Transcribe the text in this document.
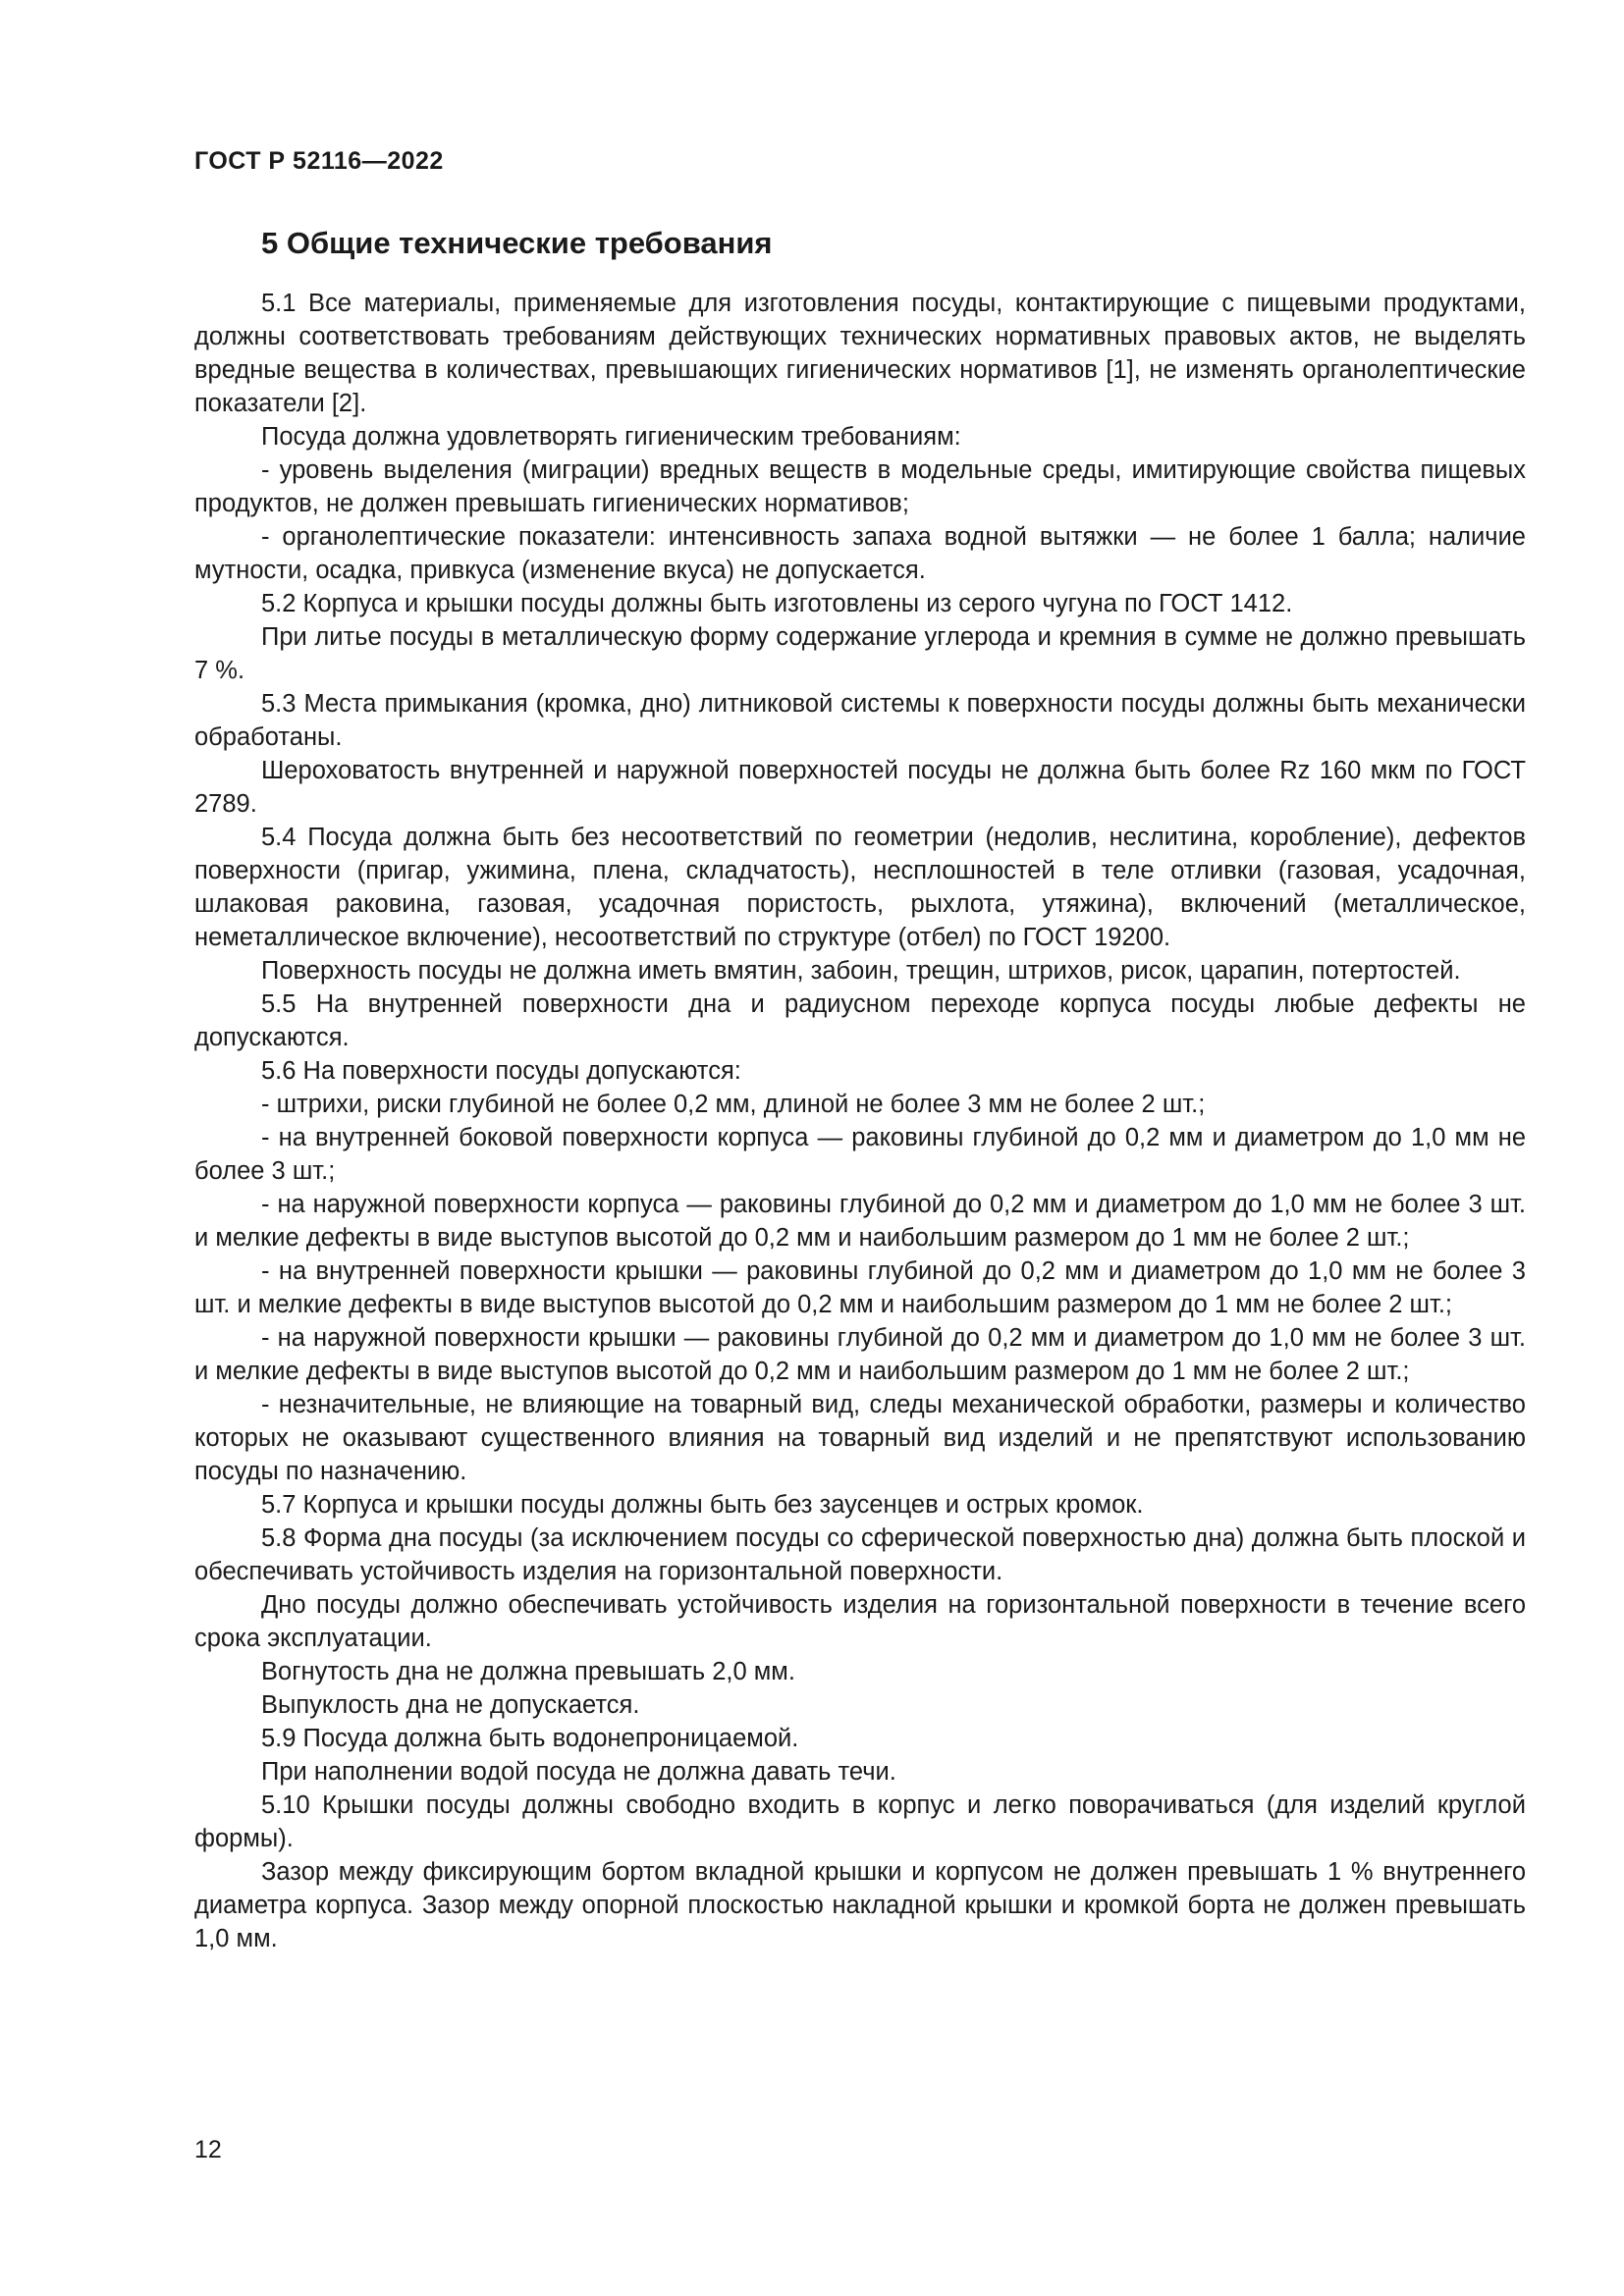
ГОСТ Р 52116—2022
5 Общие технические требования

5.1 Все материалы, применяемые для изготовления посуды, контактирующие с пищевыми продуктами, должны соответствовать требованиям действующих технических нормативных правовых актов, не выделять вредные вещества в количествах, превышающих гигиенических нормативов [1], не изменять органолептические показатели [2].

Посуда должна удовлетворять гигиеническим требованиям:

- уровень выделения (миграции) вредных веществ в модельные среды, имитирующие свойства пищевых продуктов, не должен превышать гигиенических нормативов;

- органолептические показатели: интенсивность запаха водной вытяжки — не более 1 балла; наличие мутности, осадка, привкуса (изменение вкуса) не допускается.

5.2 Корпуса и крышки посуды должны быть изготовлены из серого чугуна по ГОСТ 1412.

При литье посуды в металлическую форму содержание углерода и кремния в сумме не должно превышать 7 %.

5.3 Места примыкания (кромка, дно) литниковой системы к поверхности посуды должны быть механически обработаны.

Шероховатость внутренней и наружной поверхностей посуды не должна быть более Rz 160 мкм по ГОСТ 2789.

5.4 Посуда должна быть без несоответствий по геометрии (недолив, неслитина, коробление), дефектов поверхности (пригар, ужимина, плена, складчатость), несплошностей в теле отливки (газовая, усадочная, шлаковая раковина, газовая, усадочная пористость, рыхлота, утяжина), включений (металлическое, неметаллическое включение), несоответствий по структуре (отбел) по ГОСТ 19200.

Поверхность посуды не должна иметь вмятин, забоин, трещин, штрихов, рисок, царапин, потертостей.

5.5 На внутренней поверхности дна и радиусном переходе корпуса посуды любые дефекты не допускаются.

5.6 На поверхности посуды допускаются:

- штрихи, риски глубиной не более 0,2 мм, длиной не более 3 мм не более 2 шт.;

- на внутренней боковой поверхности корпуса — раковины глубиной до 0,2 мм и диаметром до 1,0 мм не более 3 шт.;

- на наружной поверхности корпуса — раковины глубиной до 0,2 мм и диаметром до 1,0 мм не более 3 шт. и мелкие дефекты в виде выступов высотой до 0,2 мм и наибольшим размером до 1 мм не более 2 шт.;

- на внутренней поверхности крышки — раковины глубиной до 0,2 мм и диаметром до 1,0 мм не более 3 шт. и мелкие дефекты в виде выступов высотой до 0,2 мм и наибольшим размером до 1 мм не более 2 шт.;

- на наружной поверхности крышки — раковины глубиной до 0,2 мм и диаметром до 1,0 мм не более 3 шт. и мелкие дефекты в виде выступов высотой до 0,2 мм и наибольшим размером до 1 мм не более 2 шт.;

- незначительные, не влияющие на товарный вид, следы механической обработки, размеры и количество которых не оказывают существенного влияния на товарный вид изделий и не препятствуют использованию посуды по назначению.

5.7 Корпуса и крышки посуды должны быть без заусенцев и острых кромок.

5.8 Форма дна посуды (за исключением посуды со сферической поверхностью дна) должна быть плоской и обеспечивать устойчивость изделия на горизонтальной поверхности.

Дно посуды должно обеспечивать устойчивость изделия на горизонтальной поверхности в течение всего срока эксплуатации.

Вогнутость дна не должна превышать 2,0 мм.

Выпуклость дна не допускается.

5.9 Посуда должна быть водонепроницаемой.

При наполнении водой посуда не должна давать течи.

5.10 Крышки посуды должны свободно входить в корпус и легко поворачиваться (для изделий круглой формы).

Зазор между фиксирующим бортом вкладной крышки и корпусом не должен превышать 1 % внутреннего диаметра корпуса. Зазор между опорной плоскостью накладной крышки и кромкой борта не должен превышать 1,0 мм.

12
